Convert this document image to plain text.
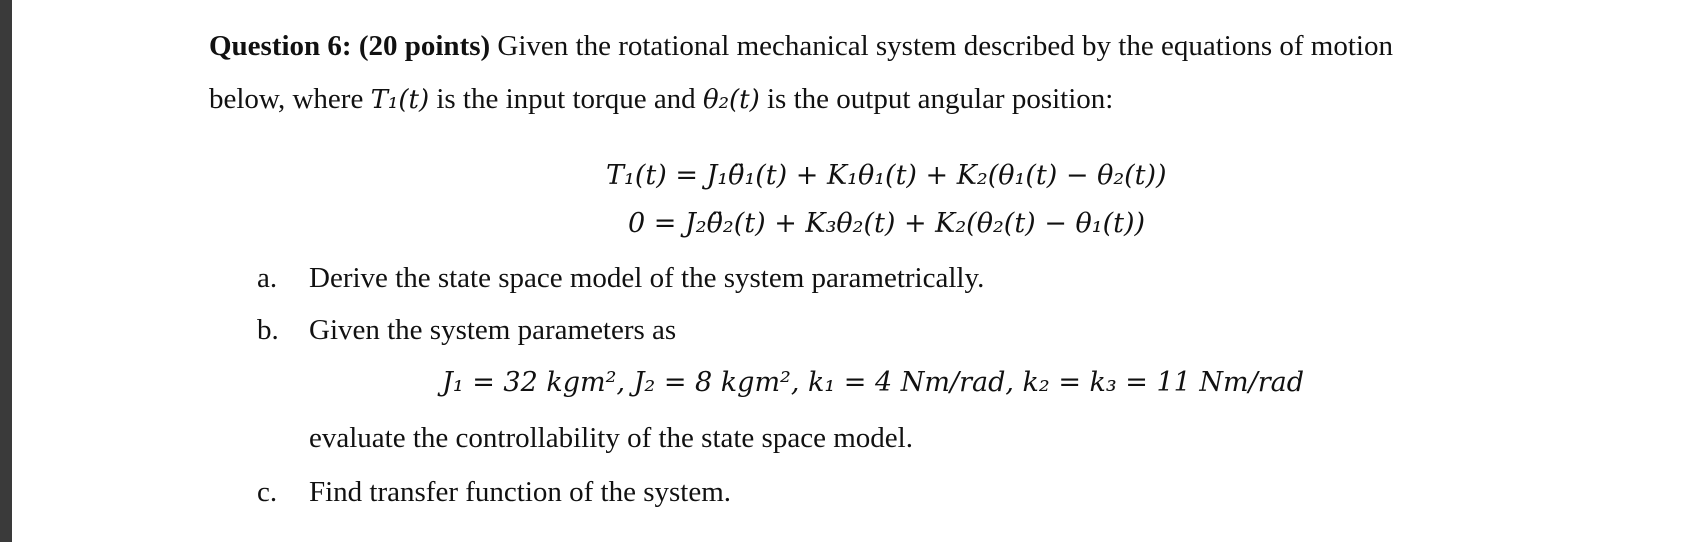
Question 6: (20 points) Given the rotational mechanical system described by the equations of motion
below, where T₁(t) is the input torque and θ₂(t) is the output angular position:
T₁(t) = J₁θ̈₁(t) + K₁θ₁(t) + K₂(θ₁(t) − θ₂(t))
0 = J₂θ̈₂(t) + K₃θ₂(t) + K₂(θ₂(t) − θ₁(t))
a. Derive the state space model of the system parametrically.
b. Given the system parameters as
J₁ = 32 kgm², J₂ = 8 kgm², k₁ = 4 Nm/rad, k₂ = k₃ = 11 Nm/rad
evaluate the controllability of the state space model.
c. Find transfer function of the system.
